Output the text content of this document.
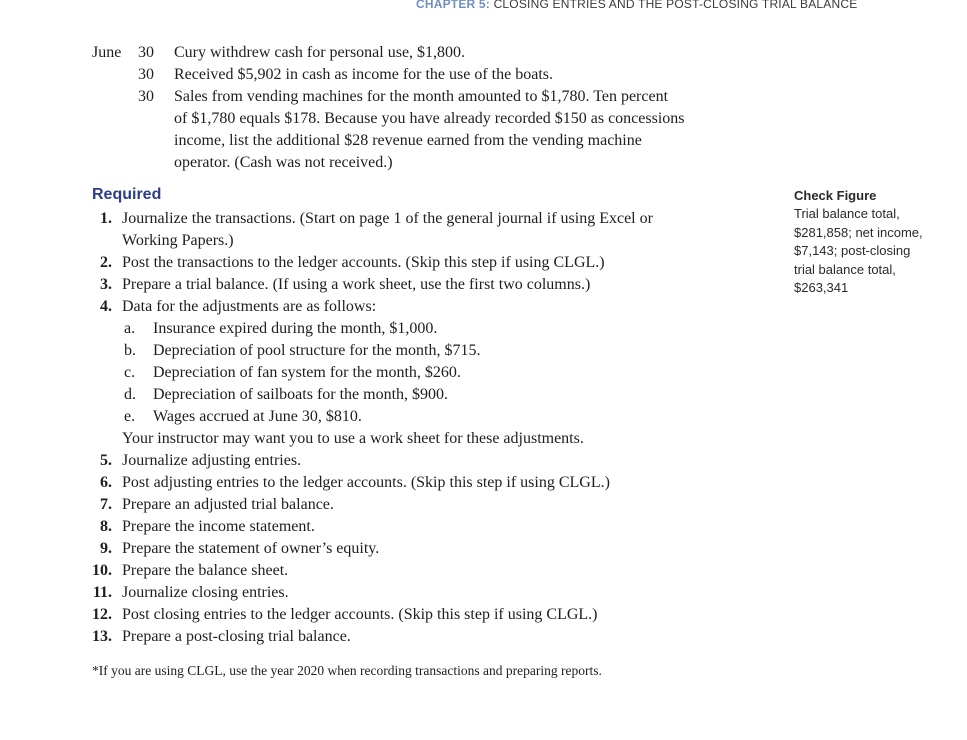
CHAPTER 5: CLOSING ENTRIES AND THE POST-CLOSING TRIAL BALANCE
June 30 Cury withdrew cash for personal use, $1,800.
30 Received $5,902 in cash as income for the use of the boats.
30 Sales from vending machines for the month amounted to $1,780. Ten percent
of $1,780 equals $178. Because you have already recorded $150 as concessions
income, list the additional $28 revenue earned from the vending machine
operator. (Cash was not received.)
Required
1. Journalize the transactions. (Start on page 1 of the general journal if using Excel or
Working Papers.)
2. Post the transactions to the ledger accounts. (Skip this step if using CLGL.)
3. Prepare a trial balance. (If using a work sheet, use the first two columns.)
4. Data for the adjustments are as follows:
a. Insurance expired during the month, $1,000.
b. Depreciation of pool structure for the month, $715.
c. Depreciation of fan system for the month, $260.
d. Depreciation of sailboats for the month, $900.
e. Wages accrued at June 30, $810.
Your instructor may want you to use a work sheet for these adjustments.
5. Journalize adjusting entries.
6. Post adjusting entries to the ledger accounts. (Skip this step if using CLGL.)
7. Prepare an adjusted trial balance.
8. Prepare the income statement.
9. Prepare the statement of owner’s equity.
10. Prepare the balance sheet.
11. Journalize closing entries.
12. Post closing entries to the ledger accounts. (Skip this step if using CLGL.)
13. Prepare a post-closing trial balance.
Check Figure
Trial balance total,
$281,858; net income,
$7,143; post-closing
trial balance total,
$263,341
*If you are using CLGL, use the year 2020 when recording transactions and preparing reports.
